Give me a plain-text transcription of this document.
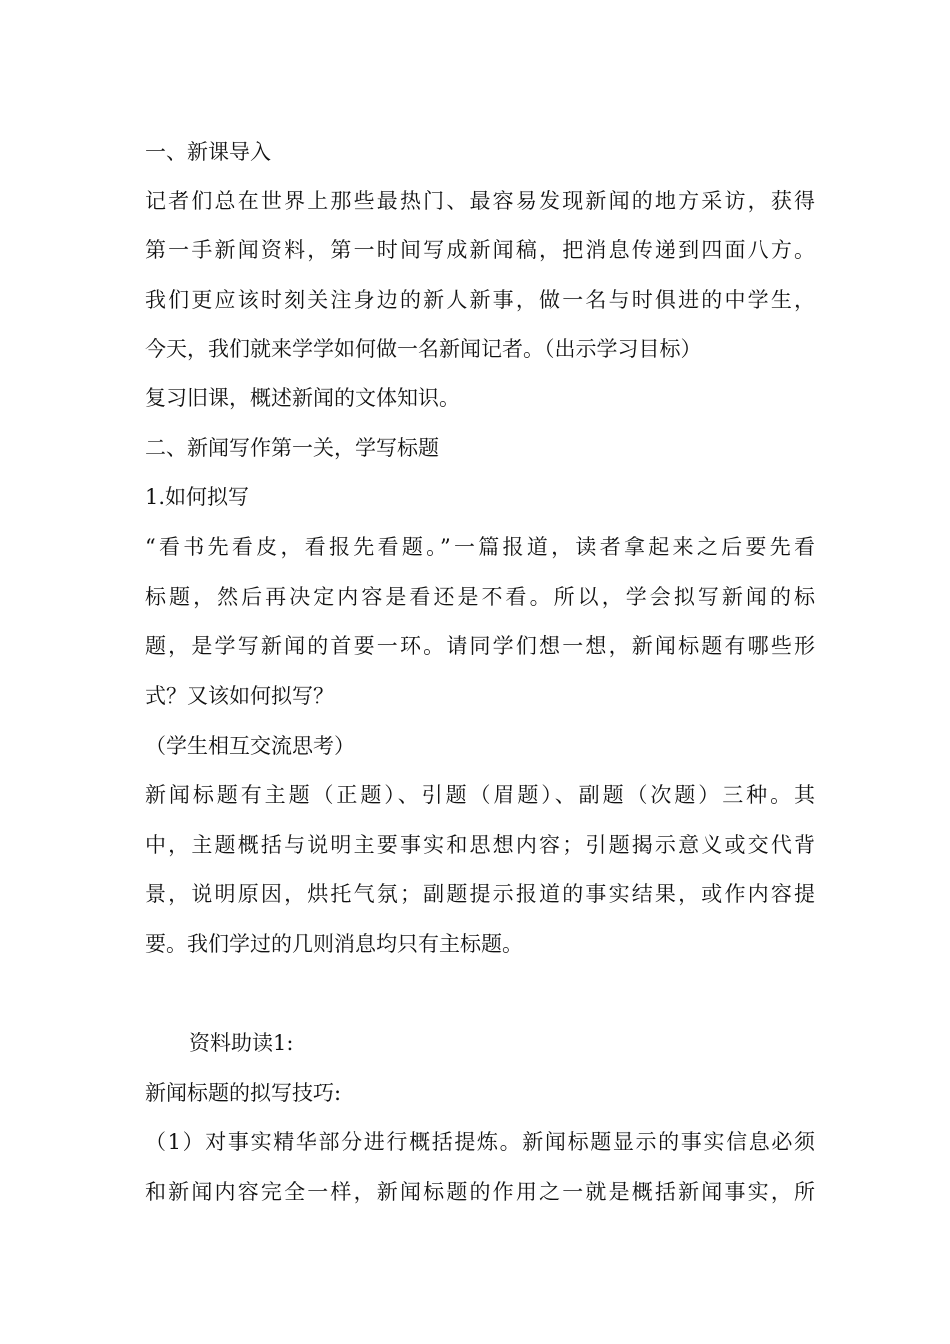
一、新课导入
记者们总在世界上那些最热门、最容易发现新闻的地方采访，获得
第一手新闻资料，第一时间写成新闻稿，把消息传递到四面八方。
我们更应该时刻关注身边的新人新事，做一名与时俱进的中学生，
今天，我们就来学学如何做一名新闻记者。（出示学习目标）
复习旧课，概述新闻的文体知识。
二、新闻写作第一关，学写标题
1.如何拟写
“看书先看皮，看报先看题。”一篇报道，读者拿起来之后要先看
标题，然后再决定内容是看还是不看。所以，学会拟写新闻的标
题，是学写新闻的首要一环。请同学们想一想，新闻标题有哪些形
式？又该如何拟写？
（学生相互交流思考）
新闻标题有主题（正题）、引题（眉题）、副题（次题）三种。其
中，主题概括与说明主要事实和思想内容；引题揭示意义或交代背
景，说明原因，烘托气氛；副题提示报道的事实结果，或作内容提
要。我们学过的几则消息均只有主标题。
资料助读1:
新闻标题的拟写技巧:
（1）对事实精华部分进行概括提炼。新闻标题显示的事实信息必须
和新闻内容完全一样，新闻标题的作用之一就是概括新闻事实，所
